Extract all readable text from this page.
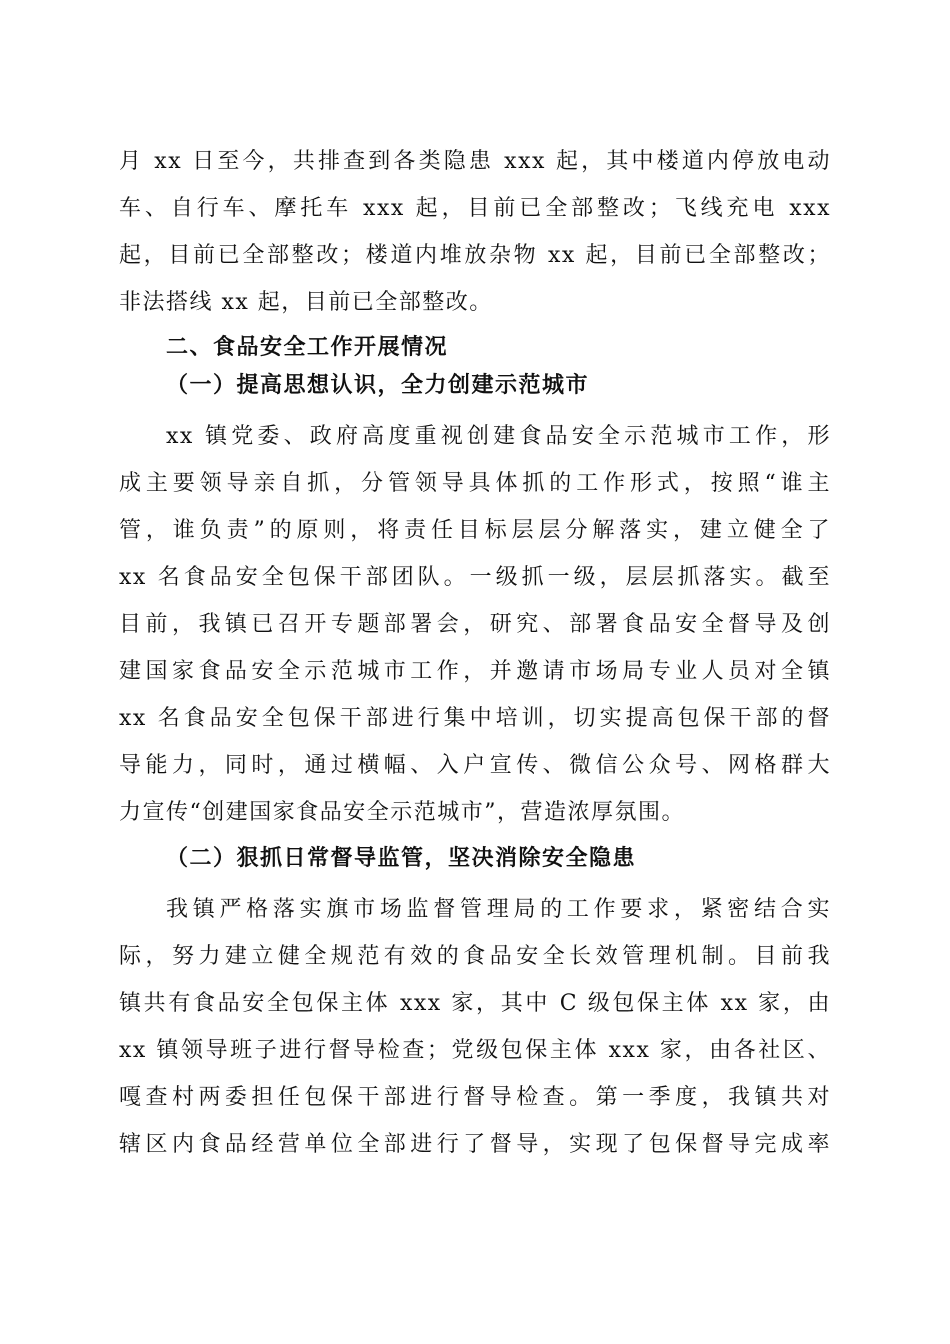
月 xx 日至今，共排查到各类隐患 xxx 起，其中楼道内停放电动
车、自行车、摩托车 xxx 起，目前已全部整改；飞线充电 xxx
起，目前已全部整改；楼道内堆放杂物 xx 起，目前已全部整改；
非法搭线 xx 起，目前已全部整改。
二、食品安全工作开展情况
（一）提高思想认识，全力创建示范城市
xx 镇党委、政府高度重视创建食品安全示范城市工作，形
成主要领导亲自抓，分管领导具体抓的工作形式，按照“谁主
管，谁负责”的原则，将责任目标层层分解落实，建立健全了
xx 名食品安全包保干部团队。一级抓一级，层层抓落实。截至
目前，我镇已召开专题部署会，研究、部署食品安全督导及创
建国家食品安全示范城市工作，并邀请市场局专业人员对全镇
xx 名食品安全包保干部进行集中培训，切实提高包保干部的督
导能力，同时，通过横幅、入户宣传、微信公众号、网格群大
力宣传“创建国家食品安全示范城市”，营造浓厚氛围。
（二）狠抓日常督导监管，坚决消除安全隐患
我镇严格落实旗市场监督管理局的工作要求，紧密结合实
际，努力建立健全规范有效的食品安全长效管理机制。目前我
镇共有食品安全包保主体 xxx 家，其中 C 级包保主体 xx 家，由
xx 镇领导班子进行督导检查；党级包保主体 xxx 家，由各社区、
嘎查村两委担任包保干部进行督导检查。第一季度，我镇共对
辖区内食品经营单位全部进行了督导，实现了包保督导完成率
